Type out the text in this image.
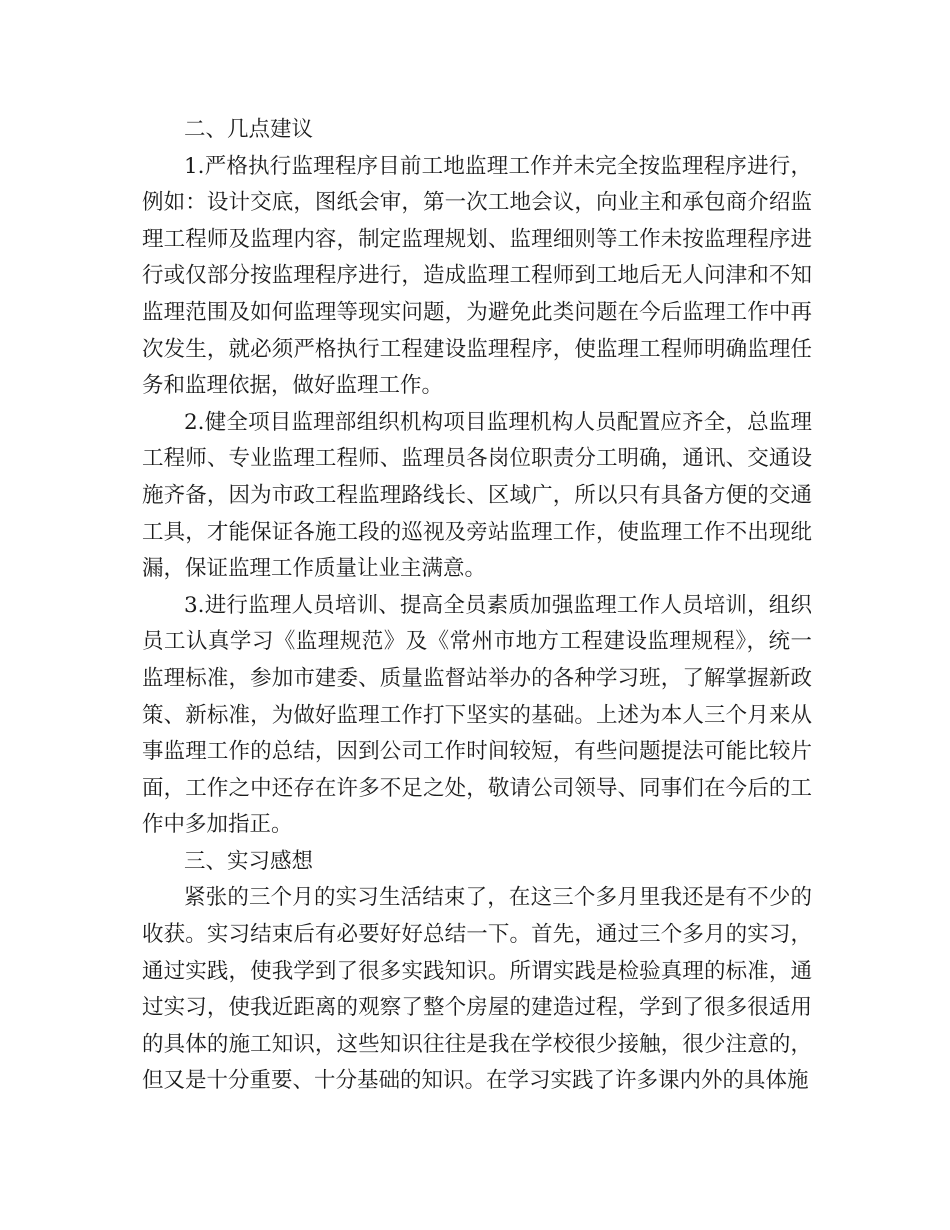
二、几点建议

1.严格执行监理程序目前工地监理工作并未完全按监理程序进行，例如：设计交底，图纸会审，第一次工地会议，向业主和承包商介绍监理工程师及监理内容，制定监理规划、监理细则等工作未按监理程序进行或仅部分按监理程序进行，造成监理工程师到工地后无人问津和不知监理范围及如何监理等现实问题，为避免此类问题在今后监理工作中再次发生，就必须严格执行工程建设监理程序，使监理工程师明确监理任务和监理依据，做好监理工作。

2.健全项目监理部组织机构项目监理机构人员配置应齐全，总监理工程师、专业监理工程师、监理员各岗位职责分工明确，通讯、交通设施齐备，因为市政工程监理路线长、区域广，所以只有具备方便的交通工具，才能保证各施工段的巡视及旁站监理工作，使监理工作不出现纰漏，保证监理工作质量让业主满意。

3.进行监理人员培训、提高全员素质加强监理工作人员培训，组织员工认真学习《监理规范》及《常州市地方工程建设监理规程》，统一监理标准，参加市建委、质量监督站举办的各种学习班，了解掌握新政策、新标准，为做好监理工作打下坚实的基础。上述为本人三个月来从事监理工作的总结，因到公司工作时间较短，有些问题提法可能比较片面，工作之中还存在许多不足之处，敬请公司领导、同事们在今后的工作中多加指正。

三、实习感想

紧张的三个月的实习生活结束了，在这三个多月里我还是有不少的收获。实习结束后有必要好好总结一下。首先，通过三个多月的实习，通过实践，使我学到了很多实践知识。所谓实践是检验真理的标准，通过实习，使我近距离的观察了整个房屋的建造过程，学到了很多很适用的具体的施工知识，这些知识往往是我在学校很少接触，很少注意的，但又是十分重要、十分基础的知识。在学习实践了许多课内外的具体施
